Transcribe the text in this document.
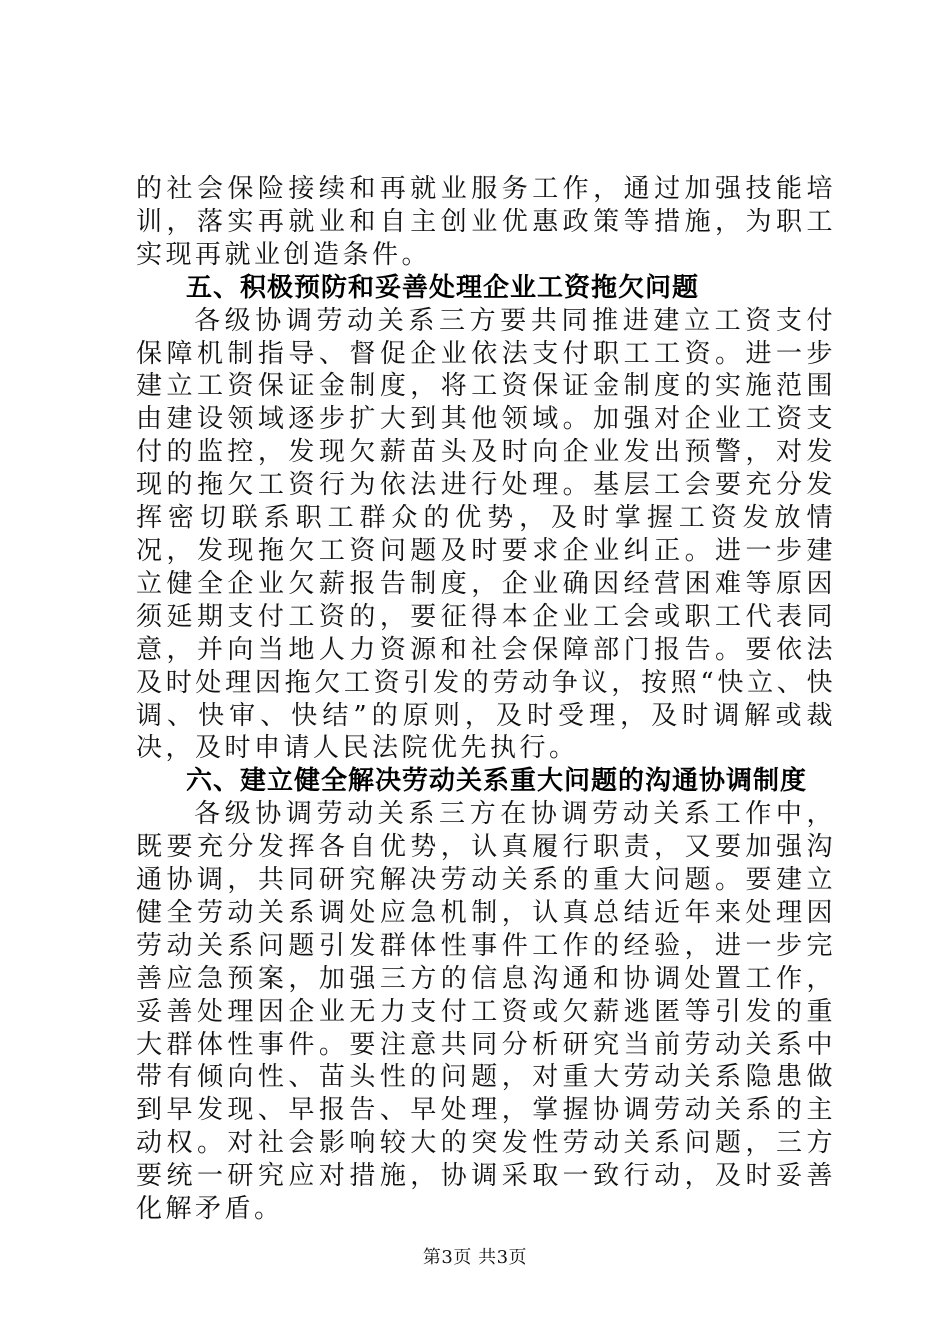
的社会保险接续和再就业服务工作，通过加强技能培训，落实再就业和自主创业优惠政策等措施，为职工实现再就业创造条件。

五、积极预防和妥善处理企业工资拖欠问题

各级协调劳动关系三方要共同推进建立工资支付保障机制指导、督促企业依法支付职工工资。进一步建立工资保证金制度，将工资保证金制度的实施范围由建设领域逐步扩大到其他领域。加强对企业工资支付的监控，发现欠薪苗头及时向企业发出预警，对发现的拖欠工资行为依法进行处理。基层工会要充分发挥密切联系职工群众的优势，及时掌握工资发放情况，发现拖欠工资问题及时要求企业纠正。进一步建立健全企业欠薪报告制度，企业确因经营困难等原因须延期支付工资的，要征得本企业工会或职工代表同意，并向当地人力资源和社会保障部门报告。要依法及时处理因拖欠工资引发的劳动争议，按照“快立、快调、快审、快结”的原则，及时受理，及时调解或裁决，及时申请人民法院优先执行。

六、建立健全解决劳动关系重大问题的沟通协调制度

各级协调劳动关系三方在协调劳动关系工作中，既要充分发挥各自优势，认真履行职责，又要加强沟通协调，共同研究解决劳动关系的重大问题。要建立健全劳动关系调处应急机制，认真总结近年来处理因劳动关系问题引发群体性事件工作的经验，进一步完善应急预案，加强三方的信息沟通和协调处置工作，妥善处理因企业无力支付工资或欠薪逃匿等引发的重大群体性事件。要注意共同分析研究当前劳动关系中带有倾向性、苗头性的问题，对重大劳动关系隐患做到早发现、早报告、早处理，掌握协调劳动关系的主动权。对社会影响较大的突发性劳动关系问题，三方要统一研究应对措施，协调采取一致行动，及时妥善化解矛盾。

第3页 共3页
